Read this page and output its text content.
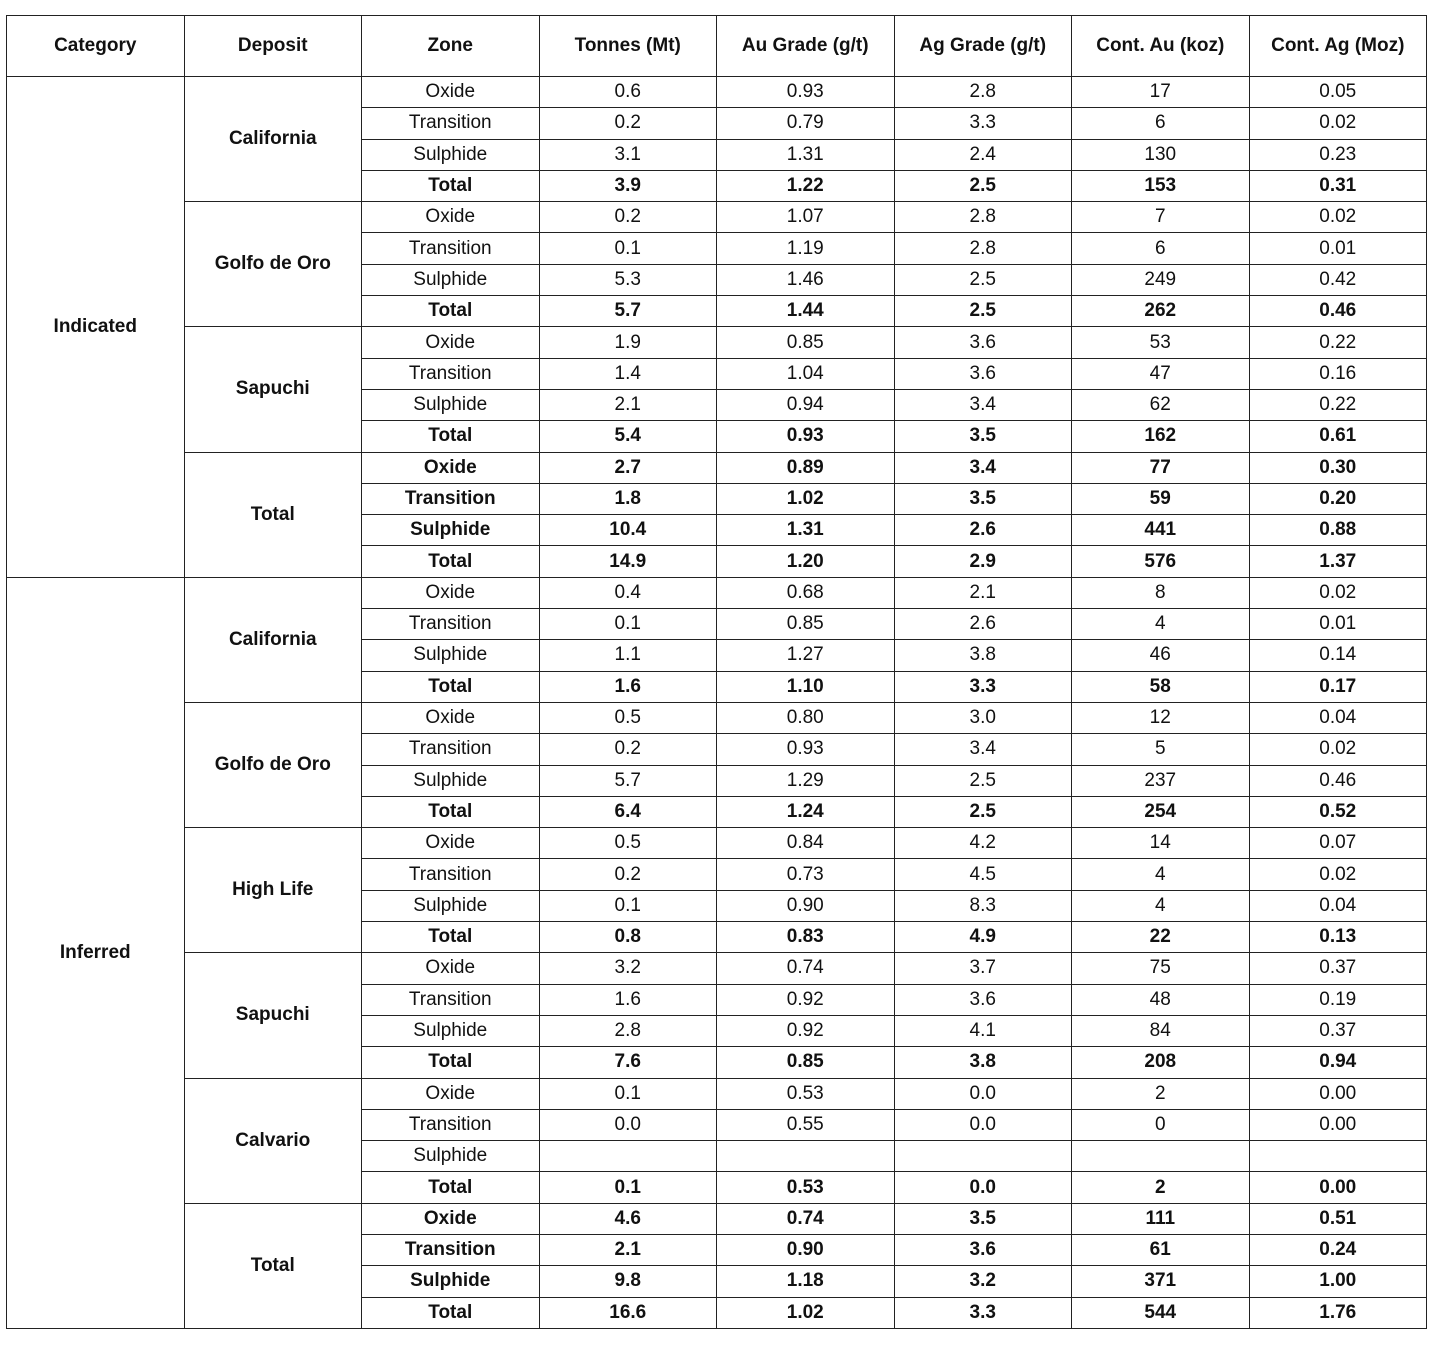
Category	Deposit	Zone	Tonnes (Mt)	Au Grade (g/t)	Ag Grade (g/t)	Cont. Au (koz)	Cont. Ag (Moz)
Indicated	California	Oxide	0.6	0.93	2.8	17	0.05
		Transition	0.2	0.79	3.3	6	0.02
		Sulphide	3.1	1.31	2.4	130	0.23
		Total	3.9	1.22	2.5	153	0.31
	Golfo de Oro	Oxide	0.2	1.07	2.8	7	0.02
		Transition	0.1	1.19	2.8	6	0.01
		Sulphide	5.3	1.46	2.5	249	0.42
		Total	5.7	1.44	2.5	262	0.46
	Sapuchi	Oxide	1.9	0.85	3.6	53	0.22
		Transition	1.4	1.04	3.6	47	0.16
		Sulphide	2.1	0.94	3.4	62	0.22
		Total	5.4	0.93	3.5	162	0.61
	Total	Oxide	2.7	0.89	3.4	77	0.30
		Transition	1.8	1.02	3.5	59	0.20
		Sulphide	10.4	1.31	2.6	441	0.88
		Total	14.9	1.20	2.9	576	1.37
Inferred	California	Oxide	0.4	0.68	2.1	8	0.02
		Transition	0.1	0.85	2.6	4	0.01
		Sulphide	1.1	1.27	3.8	46	0.14
		Total	1.6	1.10	3.3	58	0.17
	Golfo de Oro	Oxide	0.5	0.80	3.0	12	0.04
		Transition	0.2	0.93	3.4	5	0.02
		Sulphide	5.7	1.29	2.5	237	0.46
		Total	6.4	1.24	2.5	254	0.52
	High Life	Oxide	0.5	0.84	4.2	14	0.07
		Transition	0.2	0.73	4.5	4	0.02
		Sulphide	0.1	0.90	8.3	4	0.04
		Total	0.8	0.83	4.9	22	0.13
	Sapuchi	Oxide	3.2	0.74	3.7	75	0.37
		Transition	1.6	0.92	3.6	48	0.19
		Sulphide	2.8	0.92	4.1	84	0.37
		Total	7.6	0.85	3.8	208	0.94
	Calvario	Oxide	0.1	0.53	0.0	2	0.00
		Transition	0.0	0.55	0.0	0	0.00
		Sulphide					
		Total	0.1	0.53	0.0	2	0.00
	Total	Oxide	4.6	0.74	3.5	111	0.51
		Transition	2.1	0.90	3.6	61	0.24
		Sulphide	9.8	1.18	3.2	371	1.00
		Total	16.6	1.02	3.3	544	1.76
